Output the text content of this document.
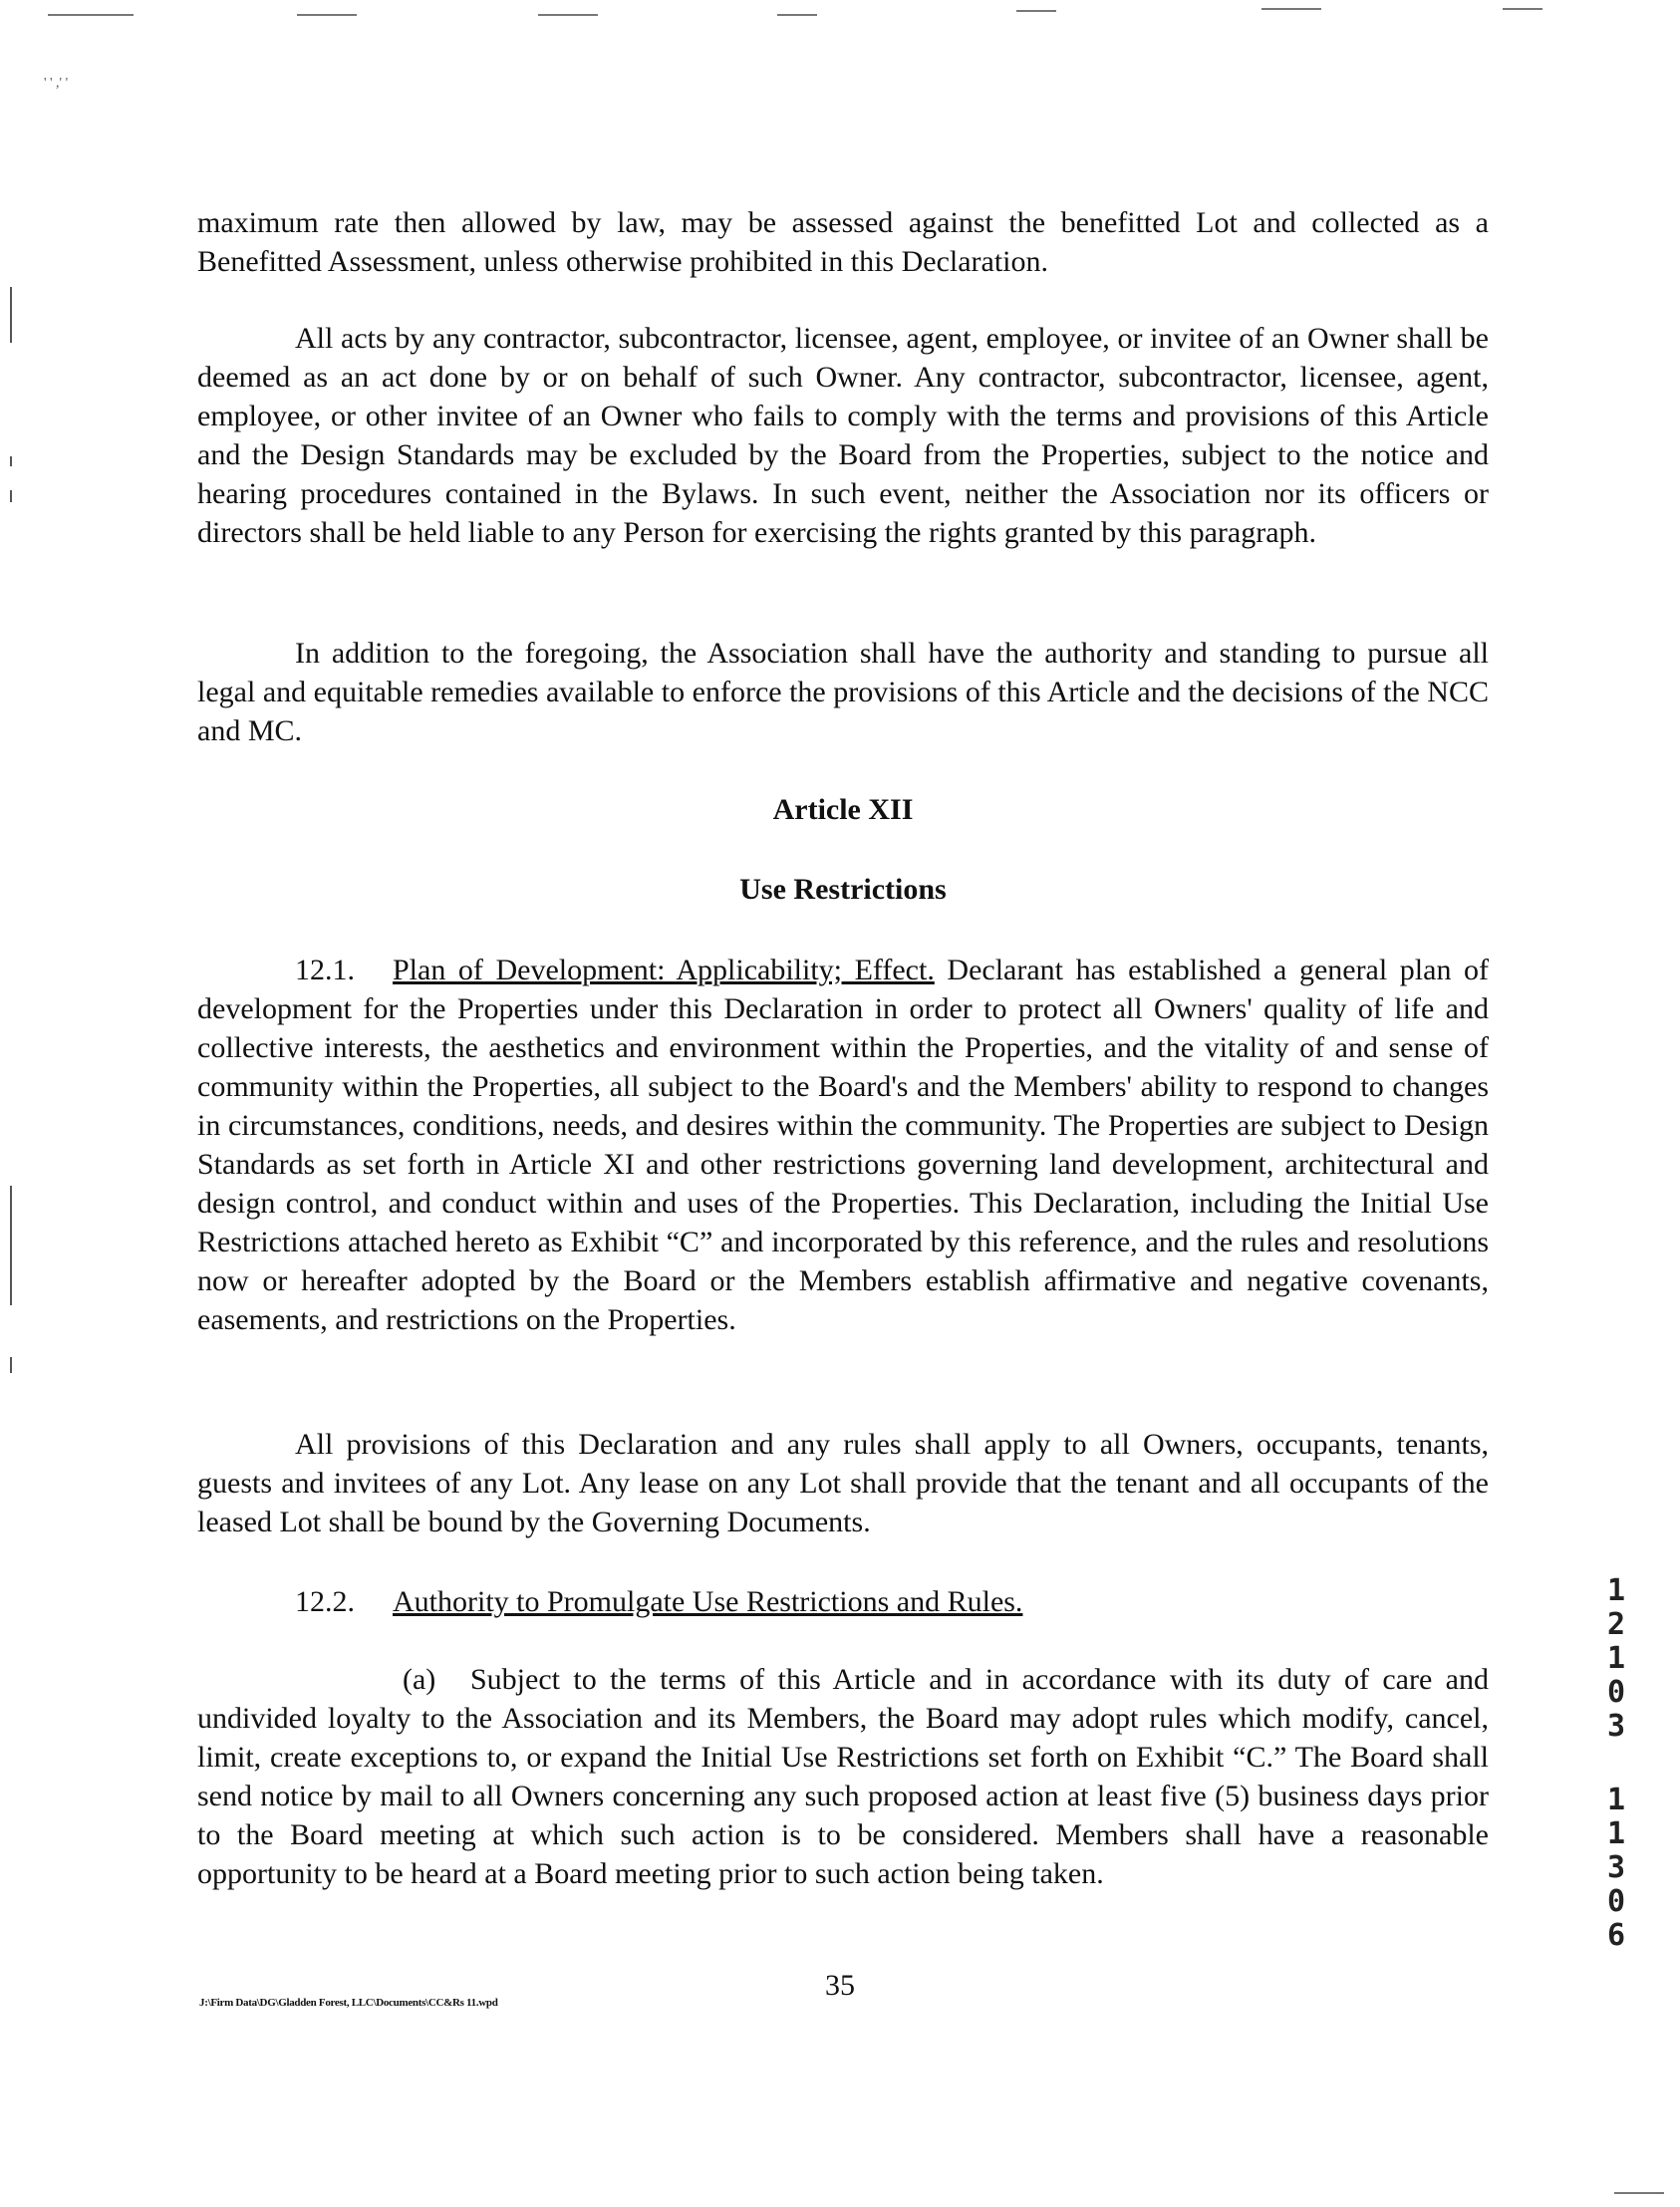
' ' ,' '

maximum rate then allowed by law, may be assessed against the benefitted Lot and collected as a Benefitted Assessment, unless otherwise prohibited in this Declaration.

All acts by any contractor, subcontractor, licensee, agent, employee, or invitee of an Owner shall be deemed as an act done by or on behalf of such Owner. Any contractor, subcontractor, licensee, agent, employee, or other invitee of an Owner who fails to comply with the terms and provisions of this Article and the Design Standards may be excluded by the Board from the Properties, subject to the notice and hearing procedures contained in the Bylaws. In such event, neither the Association nor its officers or directors shall be held liable to any Person for exercising the rights granted by this paragraph.

In addition to the foregoing, the Association shall have the authority and standing to pursue all legal and equitable remedies available to enforce the provisions of this Article and the decisions of the NCC and MC.

Article XII
Use Restrictions

12.1. Plan of Development: Applicability; Effect. Declarant has established a general plan of development for the Properties under this Declaration in order to protect all Owners' quality of life and collective interests, the aesthetics and environment within the Properties, and the vitality of and sense of community within the Properties, all subject to the Board's and the Members' ability to respond to changes in circumstances, conditions, needs, and desires within the community. The Properties are subject to Design Standards as set forth in Article XI and other restrictions governing land development, architectural and design control, and conduct within and uses of the Properties. This Declaration, including the Initial Use Restrictions attached hereto as Exhibit “C” and incorporated by this reference, and the rules and resolutions now or hereafter adopted by the Board or the Members establish affirmative and negative covenants, easements, and restrictions on the Properties.

All provisions of this Declaration and any rules shall apply to all Owners, occupants, tenants, guests and invitees of any Lot. Any lease on any Lot shall provide that the tenant and all occupants of the leased Lot shall be bound by the Governing Documents.

12.2. Authority to Promulgate Use Restrictions and Rules.

(a) Subject to the terms of this Article and in accordance with its duty of care and undivided loyalty to the Association and its Members, the Board may adopt rules which modify, cancel, limit, create exceptions to, or expand the Initial Use Restrictions set forth on Exhibit “C.” The Board shall send notice by mail to all Owners concerning any such proposed action at least five (5) business days prior to the Board meeting at which such action is to be considered. Members shall have a reasonable opportunity to be heard at a Board meeting prior to such action being taken.

35
J:\Firm Data\DG\Gladden Forest, LLC\Documents\CC&Rs 11.wpd
1
2
1
0
3
1
1
3
0
6
